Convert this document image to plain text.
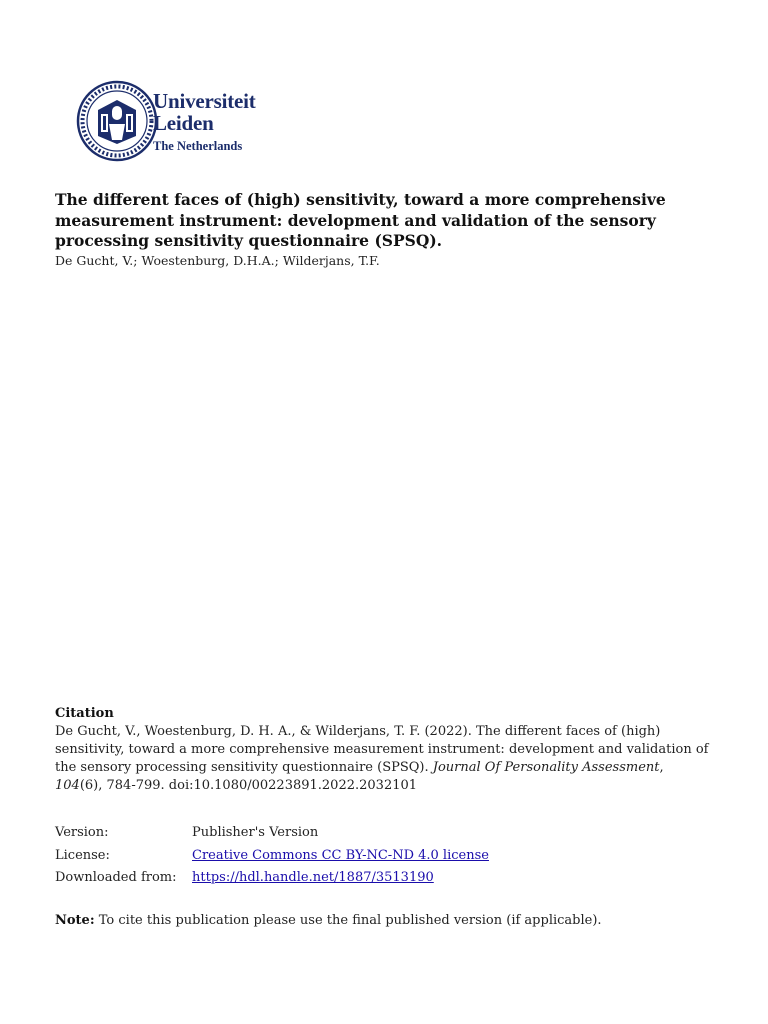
Universiteit
Leiden
The Netherlands
The different faces of (high) sensitivity, toward a more comprehensive measurement instrument: development and validation of the sensory processing sensitivity questionnaire (SPSQ).

De Gucht, V.; Woestenburg, D.H.A.; Wilderjans, T.F.

Citation

De Gucht, V., Woestenburg, D. H. A., & Wilderjans, T. F. (2022). The different faces of (high) sensitivity, toward a more comprehensive measurement instrument: development and validation of the sensory processing sensitivity questionnaire (SPSQ). Journal Of Personality Assessment, 104(6), 784-799. doi:10.1080/00223891.2022.2032101

Version:	Publisher's Version
License:	Creative Commons CC BY-NC-ND 4.0 license
Downloaded from:	https://hdl.handle.net/1887/3513190

Note: To cite this publication please use the final published version (if applicable).
